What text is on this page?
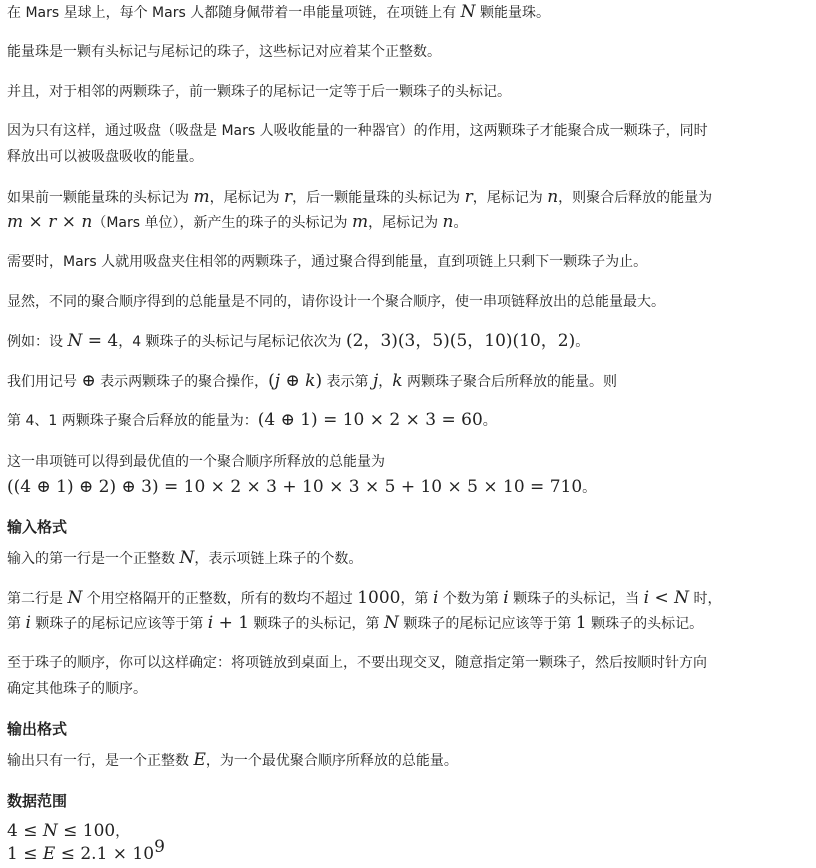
在 Mars 星球上，每个 Mars 人都随身佩带着一串能量项链，在项链上有 N 颗能量珠。
能量珠是一颗有头标记与尾标记的珠子，这些标记对应着某个正整数。
并且，对于相邻的两颗珠子，前一颗珠子的尾标记一定等于后一颗珠子的头标记。
因为只有这样，通过吸盘（吸盘是 Mars 人吸收能量的一种器官）的作用，这两颗珠子才能聚合成一颗珠子，同时
释放出可以被吸盘吸收的能量。
如果前一颗能量珠的头标记为 m，尾标记为 r，后一颗能量珠的头标记为 r，尾标记为 n，则聚合后释放的能量为
m × r × n（Mars 单位），新产生的珠子的头标记为 m，尾标记为 n。
需要时，Mars 人就用吸盘夹住相邻的两颗珠子，通过聚合得到能量，直到项链上只剩下一颗珠子为止。
显然，不同的聚合顺序得到的总能量是不同的，请你设计一个聚合顺序，使一串项链释放出的总能量最大。
例如：设 N = 4，4 颗珠子的头标记与尾标记依次为 (2，3)(3，5)(5，10)(10，2)。
我们用记号 ⊕ 表示两颗珠子的聚合操作，(j ⊕ k) 表示第 j，k 两颗珠子聚合后所释放的能量。则
第 4、1 两颗珠子聚合后释放的能量为：(4 ⊕ 1) = 10 × 2 × 3 = 60。
这一串项链可以得到最优值的一个聚合顺序所释放的总能量为
((4 ⊕ 1) ⊕ 2) ⊕ 3) = 10 × 2 × 3 + 10 × 3 × 5 + 10 × 5 × 10 = 710。
输入格式
输入的第一行是一个正整数 N，表示项链上珠子的个数。
第二行是 N 个用空格隔开的正整数，所有的数均不超过 1000，第 i 个数为第 i 颗珠子的头标记，当 i < N 时，
第 i 颗珠子的尾标记应该等于第 i + 1 颗珠子的头标记，第 N 颗珠子的尾标记应该等于第 1 颗珠子的头标记。
至于珠子的顺序，你可以这样确定：将项链放到桌面上，不要出现交叉，随意指定第一颗珠子，然后按顺时针方向
确定其他珠子的顺序。
输出格式
输出只有一行，是一个正整数 E，为一个最优聚合顺序所释放的总能量。
数据范围
4 ≤ N ≤ 100，
$1 \le E \le 2.1 \times 10^9$
